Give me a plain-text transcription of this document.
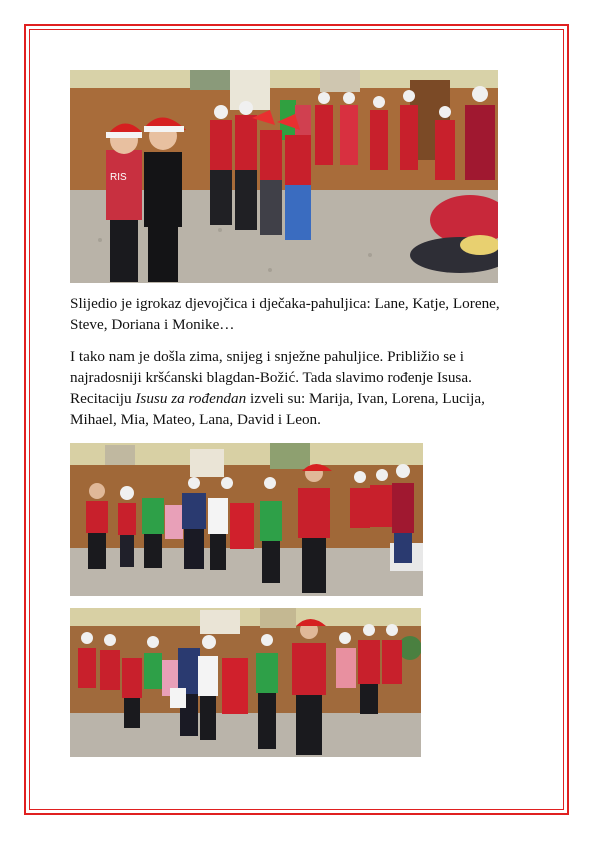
RIS

Slijedio je igrokaz djevojčica i dječaka-pahuljica: Lane, Katje, Lorene, Steve, Doriana i Monike…

I tako nam je došla zima, snijeg i snježne pahuljice. Približio se i najradosniji kršćanski blagdan-Božić. Tada slavimo rođenje Isusa. Recitaciju Isusu za rođendan izveli su: Marija, Ivan, Lorena, Lucija, Mihael, Mia, Mateo, Lana, David i Leon.
